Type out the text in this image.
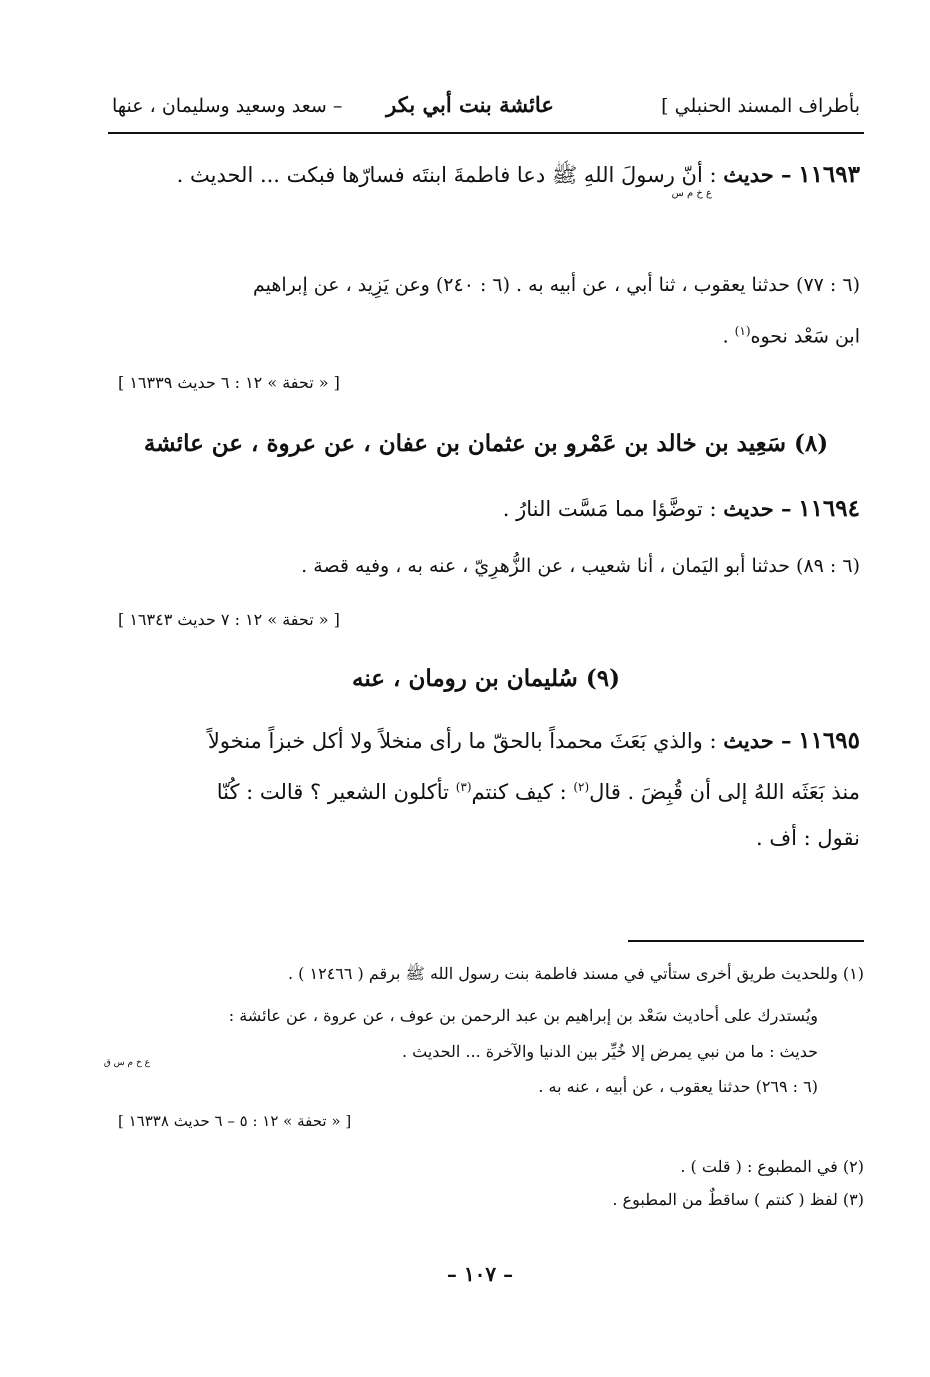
بأطراف المسند الحنبلي ]
عائشة بنت أبي بكر
– سعد وسعيد وسليمان ، عنها
١١٦٩٣ – حديث : أنّ رسولَ اللهِ ﷺ دعا فاطمةَ ابنتَه فسارّها فبكت ... الحديث .
ع خ م س
(٦ : ٧٧) حدثنا يعقوب ، ثنا أبي ، عن أبيه به . (٦ : ٢٤٠) وعن يَزِيد ، عن إبراهيم
ابن سَعْد نحوه$^{(١)}$ .
[ « تحفة » ١٢ : ٦ حديث ١٦٣٣٩ ]
(٨) سَعِيد بن خالد بن عَمْرو بن عثمان بن عفان ، عن عروة ، عن عائشة
١١٦٩٤ – حديث : توضَّؤا مما مَسَّت النارُ .
(٦ : ٨٩) حدثنا أبو اليَمان ، أنا شعيب ، عن الزُّهرِيّ ، عنه به ، وفيه قصة .
[ « تحفة » ١٢ : ٧ حديث ١٦٣٤٣ ]
(٩) سُليمان بن رومان ، عنه
١١٦٩٥ – حديث : والذي بَعَثَ محمداً بالحقّ ما رأى منخلاً ولا أكل خبزاً منخولاً
منذ بَعَثَه اللهُ إلى أن قُبِضَ . قال$^{(٢)}$ : كيف كنتم$^{(٣)}$ تأكلون الشعير ؟ قالت : كُنّا
نقول : أف .
(١) وللحديث طريق أخرى ستأتي في مسند فاطمة بنت رسول الله ﷺ برقم ( ١٢٤٦٦ ) .
ويُستدرك على أحاديث سَعْد بن إبراهيم بن عبد الرحمن بن عوف ، عن عروة ، عن عائشة :
حديث : ما من نبي يمرض إلا خُيِّر بين الدنيا والآخرة ... الحديث .
ع خ م س ق
(٦ : ٢٦٩) حدثنا يعقوب ، عن أبيه ، عنه به .
[ « تحفة » ١٢ : ٥ – ٦ حديث ١٦٣٣٨ ]
(٢) في المطبوع : ( قلت ) .
(٣) لفظ ( كنتم ) ساقطٌ من المطبوع .
– ١٠٧ –
